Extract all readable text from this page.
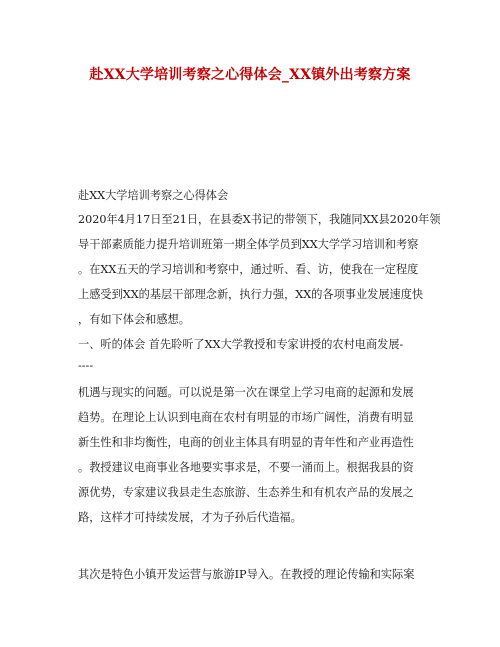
赴XX大学培训考察之心得体会_XX镇外出考察方案
赴XX大学培训考察之心得体会
2020年4月17日至21日，在县委X书记的带领下，我随同XX县2020年领
导干部素质能力提升培训班第一期全体学员到XX大学学习培训和考察
。在XX五天的学习培训和考察中，通过听、看、访，使我在一定程度
上感受到XX的基层干部理念新，执行力强，XX的各项事业发展速度快
，有如下体会和感想。
一、听的体会 首先聆听了XX大学教授和专家讲授的农村电商发展-
----
机遇与现实的问题。可以说是第一次在课堂上学习电商的起源和发展
趋势。在理论上认识到电商在农村有明显的市场广阔性，消费有明显
新生性和非均衡性，电商的创业主体具有明显的青年性和产业再造性
。教授建议电商事业各地要实事求是，不要一涌而上。根据我县的资
源优势，专家建议我县走生态旅游、生态养生和有机农产品的发展之
路，这样才可持续发展，才为子孙后代造福。
其次是特色小镇开发运营与旅游IP导入。在教授的理论传输和实际案
